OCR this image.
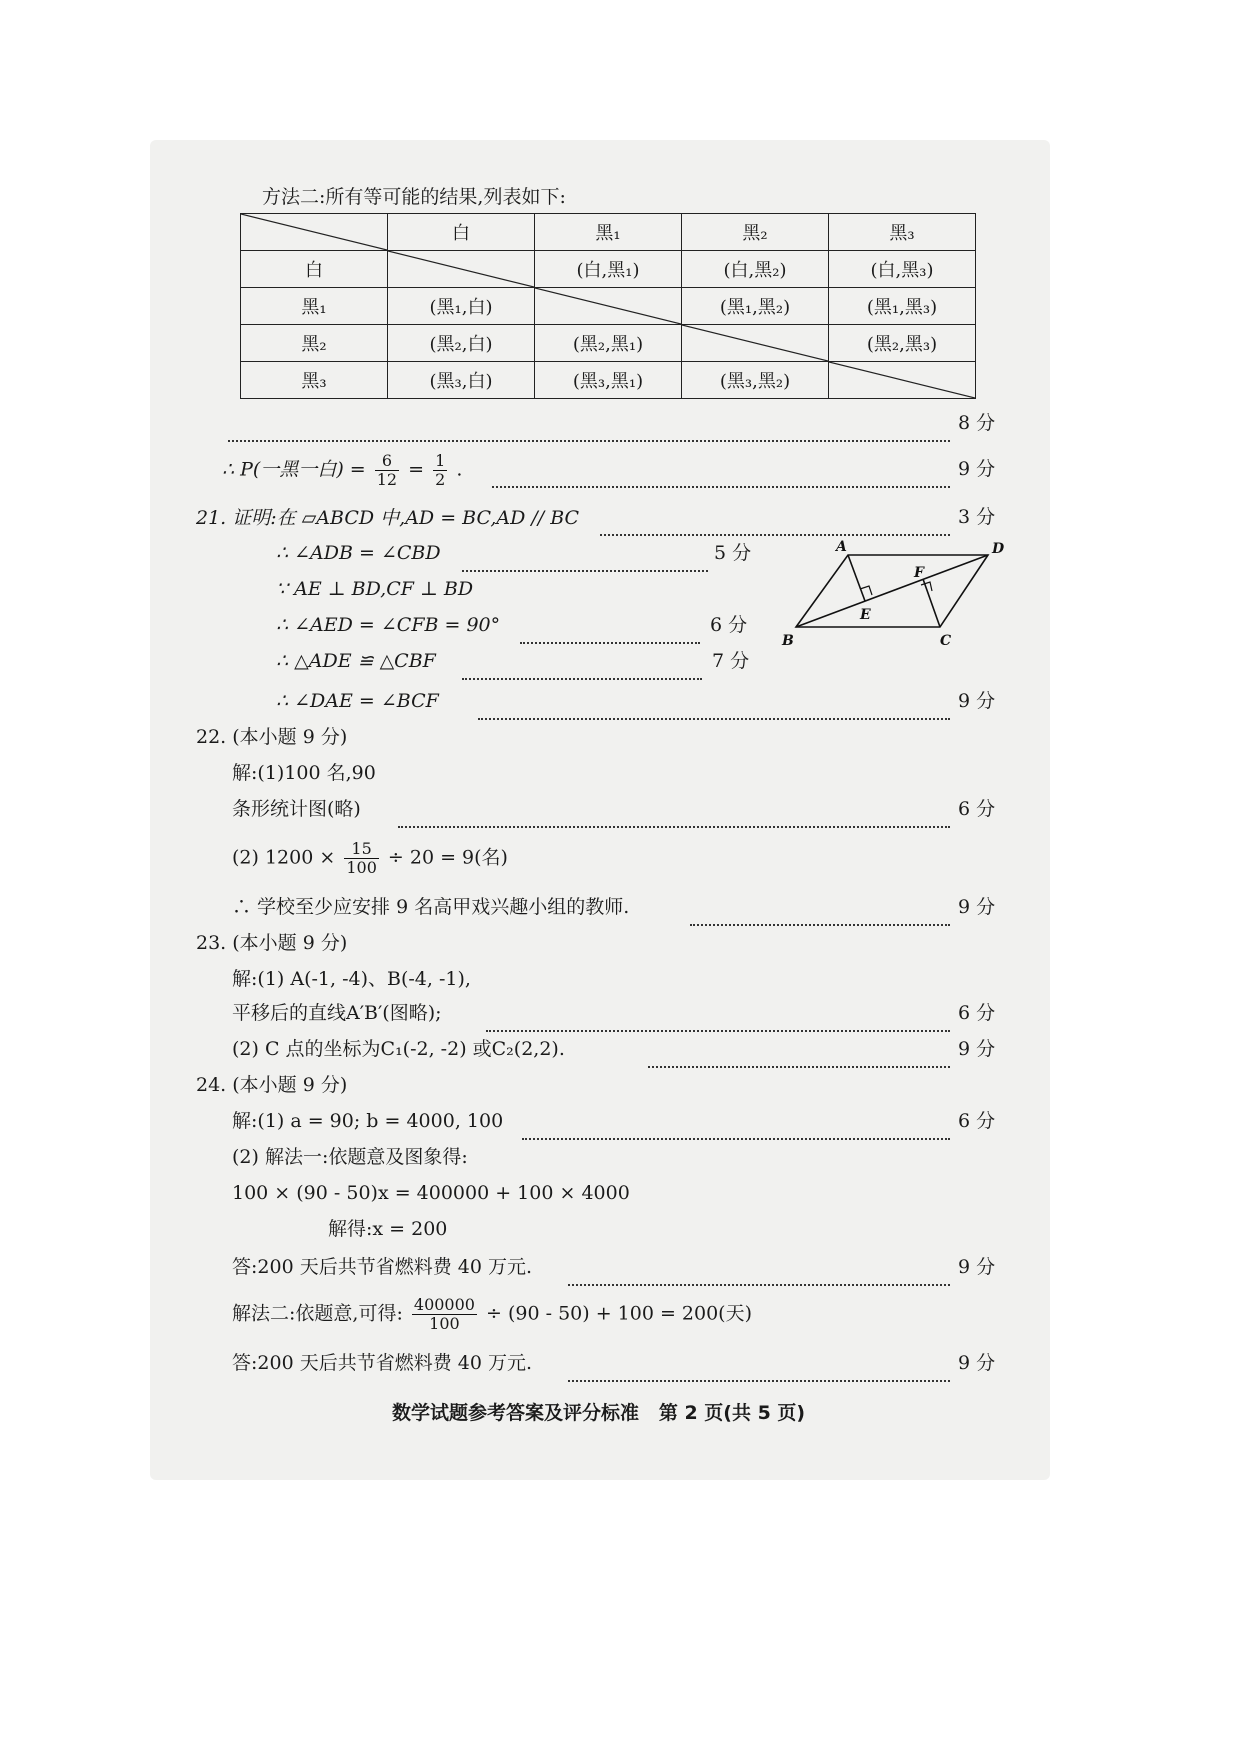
方法二:所有等可能的结果,列表如下:
	白	黑₁	黑₂	黑₃
白		(白,黑₁)	(白,黑₂)	(白,黑₃)
黑₁	(黑₁,白)		(黑₁,黑₂)	(黑₁,黑₃)
黑₂	(黑₂,白)	(黑₂,黑₁)		(黑₂,黑₃)
黑₃	(黑₃,白)	(黑₃,黑₁)	(黑₃,黑₂)	
8 分
∴ P(一黑一白) = $\frac{6}{12} = \frac{1}{2}$ .	9 分
21. 证明:在 ▱ABCD 中,AD = BC,AD // BC	3 分
∴ ∠ADB = ∠CBD	5 分
∵ AE ⊥ BD,CF ⊥ BD
∴ ∠AED = ∠CFB = 90°	6 分
∴ △ADE ≌ △CBF	7 分
∴ ∠DAE = ∠BCF	9 分
A	D
F
E
B	C
22. (本小题 9 分)
解:(1)100 名,90
条形统计图(略)	6 分
(2) $1200 \times \frac{15}{100} \div 20 = 9$(名)
∴ 学校至少应安排 9 名高甲戏兴趣小组的教师.	9 分
23. (本小题 9 分)
解:(1) A(-1, -4)、B(-4, -1),
平移后的直线A′B′(图略);	6 分
(2) C 点的坐标为C₁(-2, -2) 或C₂(2,2).	9 分
24. (本小题 9 分)
解:(1) a = 90; b = 4000, 100	6 分
(2) 解法一:依题意及图象得:
100 × (90 - 50)x = 400000 + 100 × 4000
解得:x = 200
答:200 天后共节省燃料费 40 万元.	9 分
解法二:依题意,可得: $\frac{400000}{100} \div (90 - 50) + 100 = 200$(天)
答:200 天后共节省燃料费 40 万元.	9 分
数学试题参考答案及评分标准   第 2 页(共 5 页)
